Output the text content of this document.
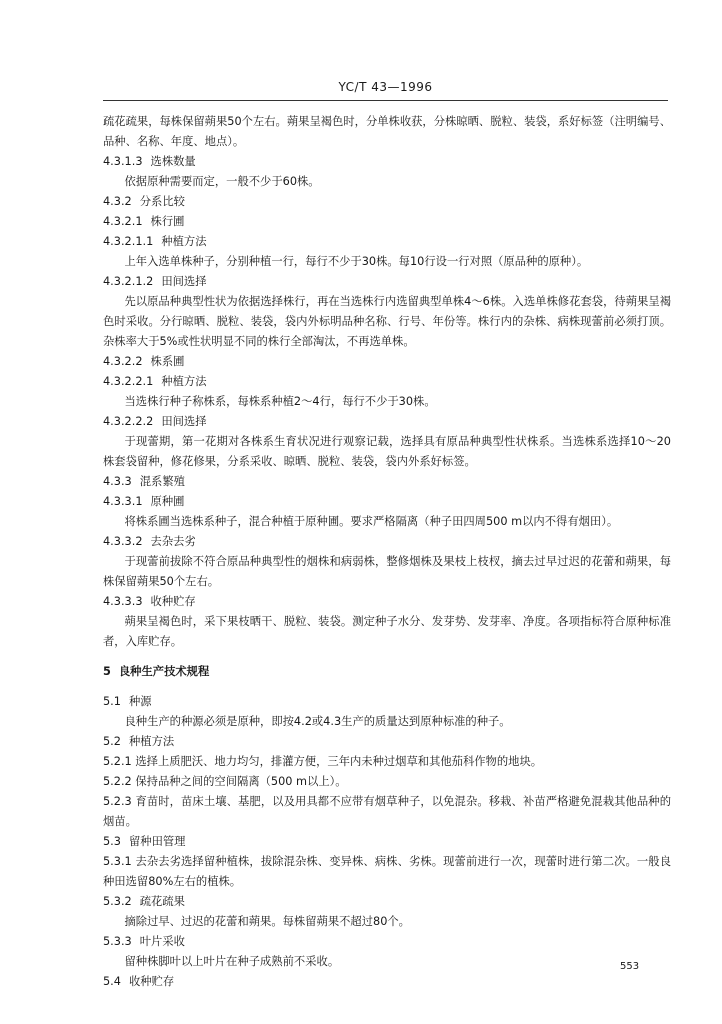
YC/T 43—1996

疏花疏果，每株保留蒴果50个左右。蒴果呈褐色时，分单株收获，分株晾晒、脱粒、装袋，系好标签（注明编号、品种、名称、年度、地点）。

4.3.1.3 选株数量

依据原种需要而定，一般不少于60株。

4.3.2 分系比较

4.3.2.1 株行圃

4.3.2.1.1 种植方法

上年入选单株种子，分别种植一行，每行不少于30株。每10行设一行对照（原品种的原种）。

4.3.2.1.2 田间选择

先以原品种典型性状为依据选择株行，再在当选株行内选留典型单株4～6株。入选单株修花套袋，待蒴果呈褐色时采收。分行晾晒、脱粒、装袋，袋内外标明品种名称、行号、年份等。株行内的杂株、病株现蕾前必须打顶。杂株率大于5%或性状明显不同的株行全部淘汰，不再选单株。

4.3.2.2 株系圃

4.3.2.2.1 种植方法

当选株行种子称株系，每株系种植2～4行，每行不少于30株。

4.3.2.2.2 田间选择

于现蕾期，第一花期对各株系生育状况进行观察记载，选择具有原品种典型性状株系。当选株系选择10～20株套袋留种，修花修果，分系采收、晾晒、脱粒、装袋，袋内外系好标签。

4.3.3 混系繁殖

4.3.3.1 原种圃

将株系圃当选株系种子，混合种植于原种圃。要求严格隔离（种子田四周500 m以内不得有烟田）。

4.3.3.2 去杂去劣

于现蕾前拔除不符合原品种典型性的烟株和病弱株，整修烟株及果枝上枝杈，摘去过早过迟的花蕾和蒴果，每株保留蒴果50个左右。

4.3.3.3 收种贮存

蒴果呈褐色时，采下果枝晒干、脱粒、装袋。测定种子水分、发芽势、发芽率、净度。各项指标符合原种标准者，入库贮存。

5 良种生产技术规程

5.1 种源

良种生产的种源必须是原种，即按4.2或4.3生产的质量达到原种标准的种子。

5.2 种植方法

5.2.1 选择上质肥沃、地力均匀，排灌方便，三年内未种过烟草和其他茄科作物的地块。

5.2.2 保持品种之间的空间隔离（500 m以上）。

5.2.3 育苗时，苗床土壤、基肥，以及用具都不应带有烟草种子，以免混杂。移栽、补苗严格避免混栽其他品种的烟苗。

5.3 留种田管理

5.3.1 去杂去劣选择留种植株，拔除混杂株、变异株、病株、劣株。现蕾前进行一次，现蕾时进行第二次。一般良种田选留80%左右的植株。

5.3.2 疏花疏果

摘除过早、过迟的花蕾和蒴果。每株留蒴果不超过80个。

5.3.3 叶片采收

留种株脚叶以上叶片在种子成熟前不采收。

5.4 收种贮存

553
